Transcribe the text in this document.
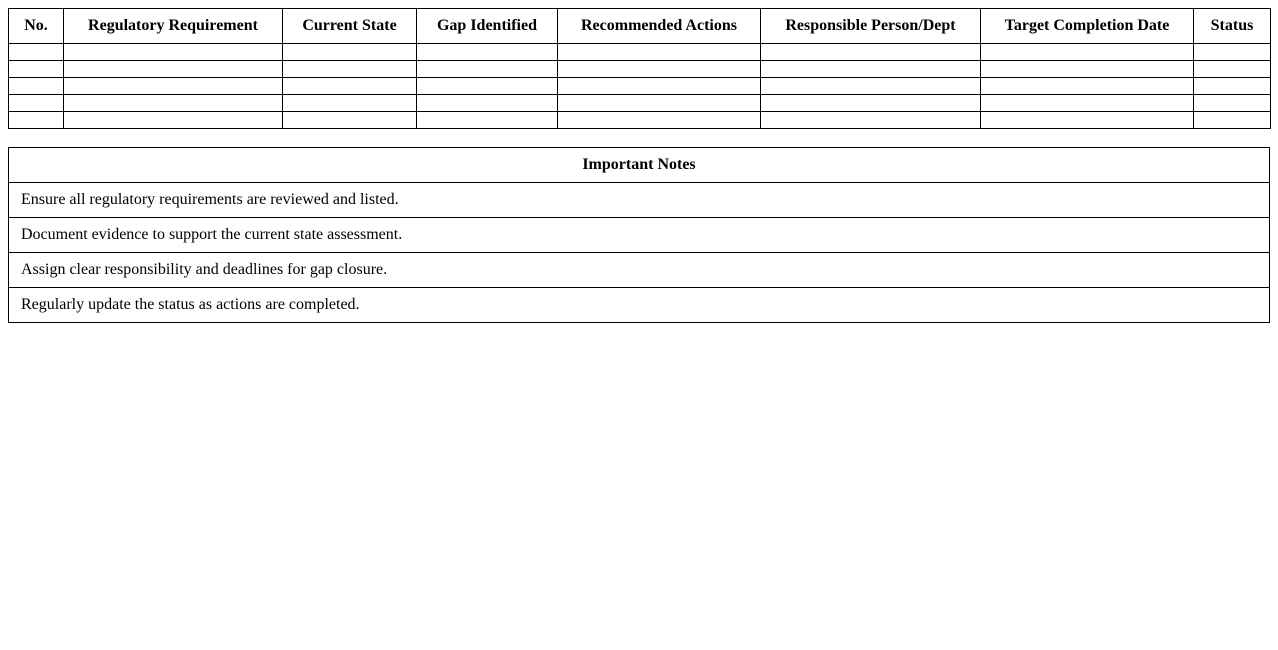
No.	Regulatory Requirement	Current State	Gap Identified	Recommended Actions	Responsible Person/Dept	Target Completion Date	Status

Important Notes
Ensure all regulatory requirements are reviewed and listed.
Document evidence to support the current state assessment.
Assign clear responsibility and deadlines for gap closure.
Regularly update the status as actions are completed.
